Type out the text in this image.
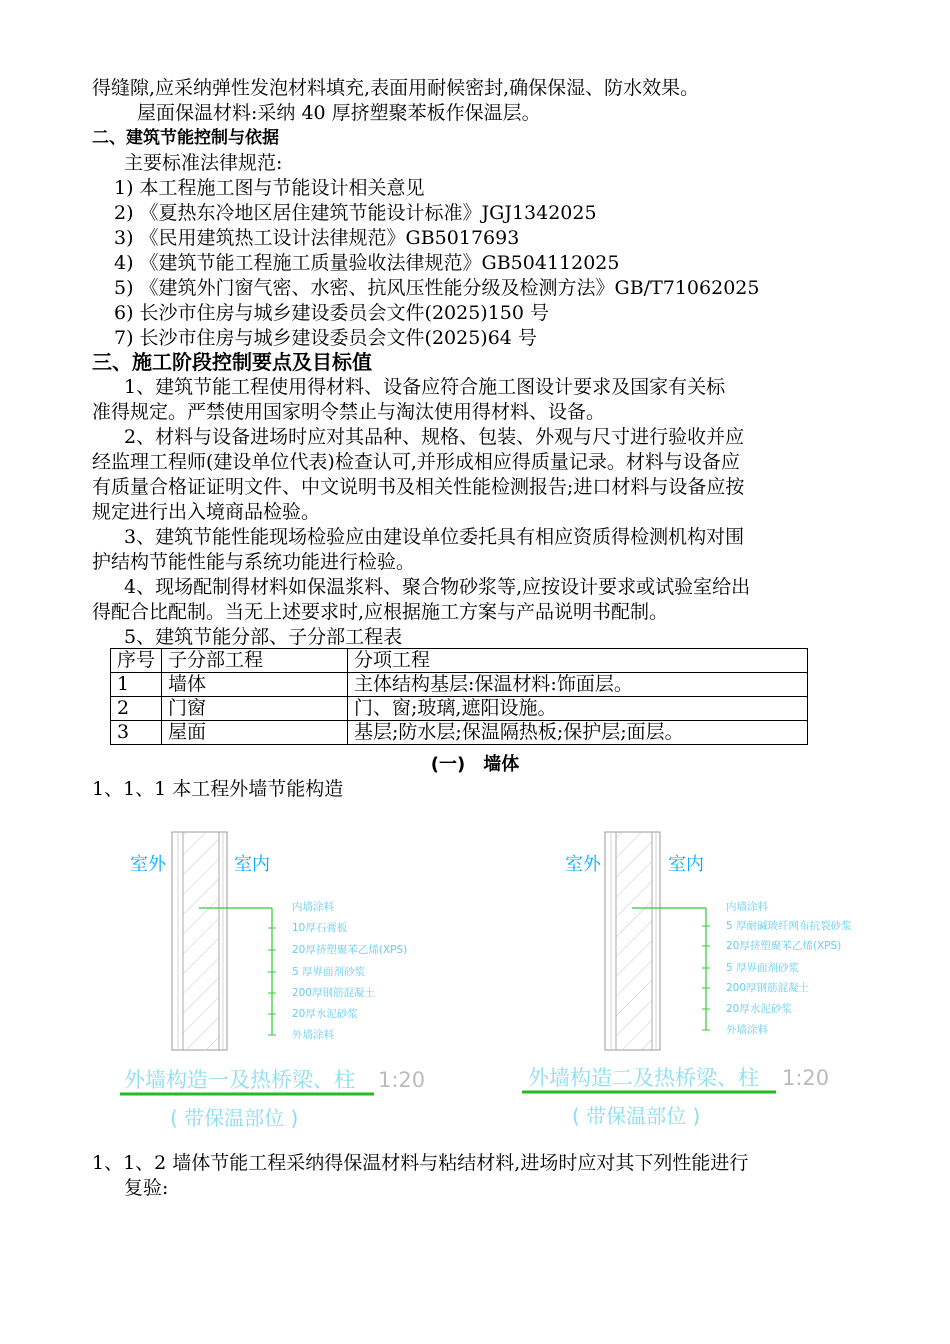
得缝隙,应采纳弹性发泡材料填充,表面用耐候密封,确保保湿、防水效果。
屋面保温材料:采纳 40 厚挤塑聚苯板作保温层。
二、建筑节能控制与依据
主要标准法律规范:
1) 本工程施工图与节能设计相关意见
2) 《夏热东冷地区居住建筑节能设计标准》JGJ1342025
3) 《民用建筑热工设计法律规范》GB5017693
4) 《建筑节能工程施工质量验收法律规范》GB504112025
5) 《建筑外门窗气密、水密、抗风压性能分级及检测方法》GB/T71062025
6) 长沙市住房与城乡建设委员会文件(2025)150 号
7) 长沙市住房与城乡建设委员会文件(2025)64 号
三、施工阶段控制要点及目标值
1、建筑节能工程使用得材料、设备应符合施工图设计要求及国家有关标
准得规定。严禁使用国家明令禁止与淘汰使用得材料、设备。
2、材料与设备进场时应对其品种、规格、包装、外观与尺寸进行验收并应
经监理工程师(建设单位代表)检查认可,并形成相应得质量记录。材料与设备应
有质量合格证证明文件、中文说明书及相关性能检测报告;进口材料与设备应按
规定进行出入境商品检验。
3、建筑节能性能现场检验应由建设单位委托具有相应资质得检测机构对围
护结构节能性能与系统功能进行检验。
4、现场配制得材料如保温浆料、聚合物砂浆等,应按设计要求或试验室给出
得配合比配制。当无上述要求时,应根据施工方案与产品说明书配制。
5、建筑节能分部、子分部工程表
序号	子分部工程	分项工程
1	墙体	主体结构基层:保温材料:饰面层。
2	门窗	门、窗;玻璃,遮阳设施。
3	屋面	基层;防水层;保温隔热板;保护层;面层。
(一)　墙体
1、1、1 本工程外墙节能构造
室外	室内
内墙涂料
10厚石膏板
20厚挤塑聚苯乙烯(XPS)
5 厚界面剂砂浆
200厚钢筋混凝土
20厚水泥砂浆
外墙涂料
外墙构造一及热桥梁、柱 1:20
( 带保温部位 )
室外	室内
内墙涂料
5 厚耐碱玻纤网布抗裂砂浆
20厚挤塑聚苯乙烯(XPS)
5 厚界面剂砂浆
200厚钢筋混凝土
20厚水泥砂浆
外墙涂料
外墙构造二及热桥梁、柱 1:20
( 带保温部位 )
1、1、2 墙体节能工程采纳得保温材料与粘结材料,进场时应对其下列性能进行
复验:
